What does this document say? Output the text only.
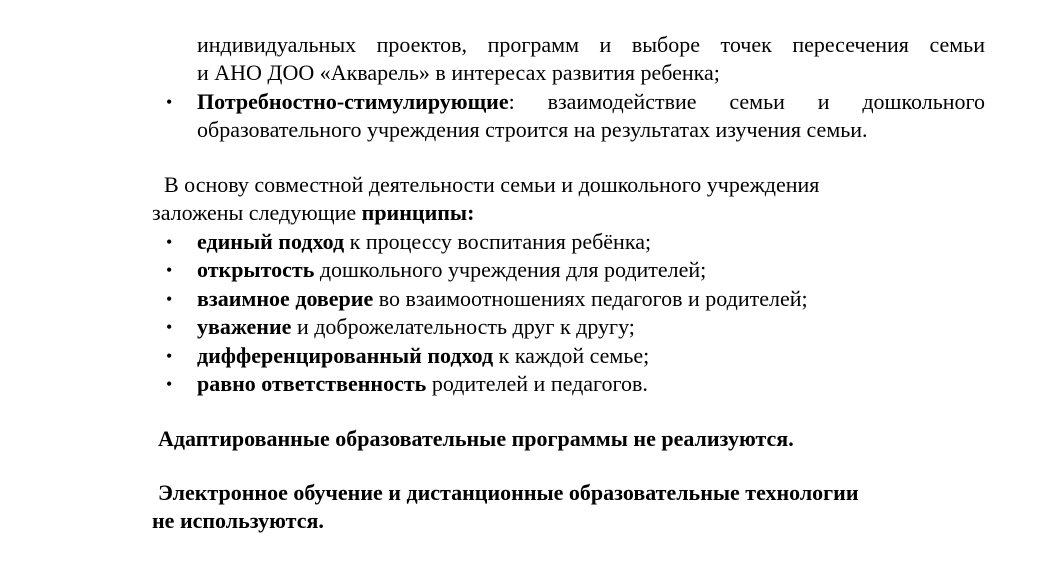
индивидуальных проектов, программ и выборе точек пересечения семьи
и АНО ДОО «Акварель» в интересах развития ребенка;
• Потребностно-стимулирующие: взаимодействие семьи и дошкольного
образовательного учреждения строится на результатах изучения семьи.
В основу совместной деятельности семьи и дошкольного учреждения
заложены следующие принципы:
• единый подход к процессу воспитания ребёнка;
• открытость дошкольного учреждения для родителей;
• взаимное доверие во взаимоотношениях педагогов и родителей;
• уважение и доброжелательность друг к другу;
• дифференцированный подход к каждой семье;
• равно ответственность родителей и педагогов.
Адаптированные образовательные программы не реализуются.
Электронное обучение и дистанционные образовательные технологии
не используются.
